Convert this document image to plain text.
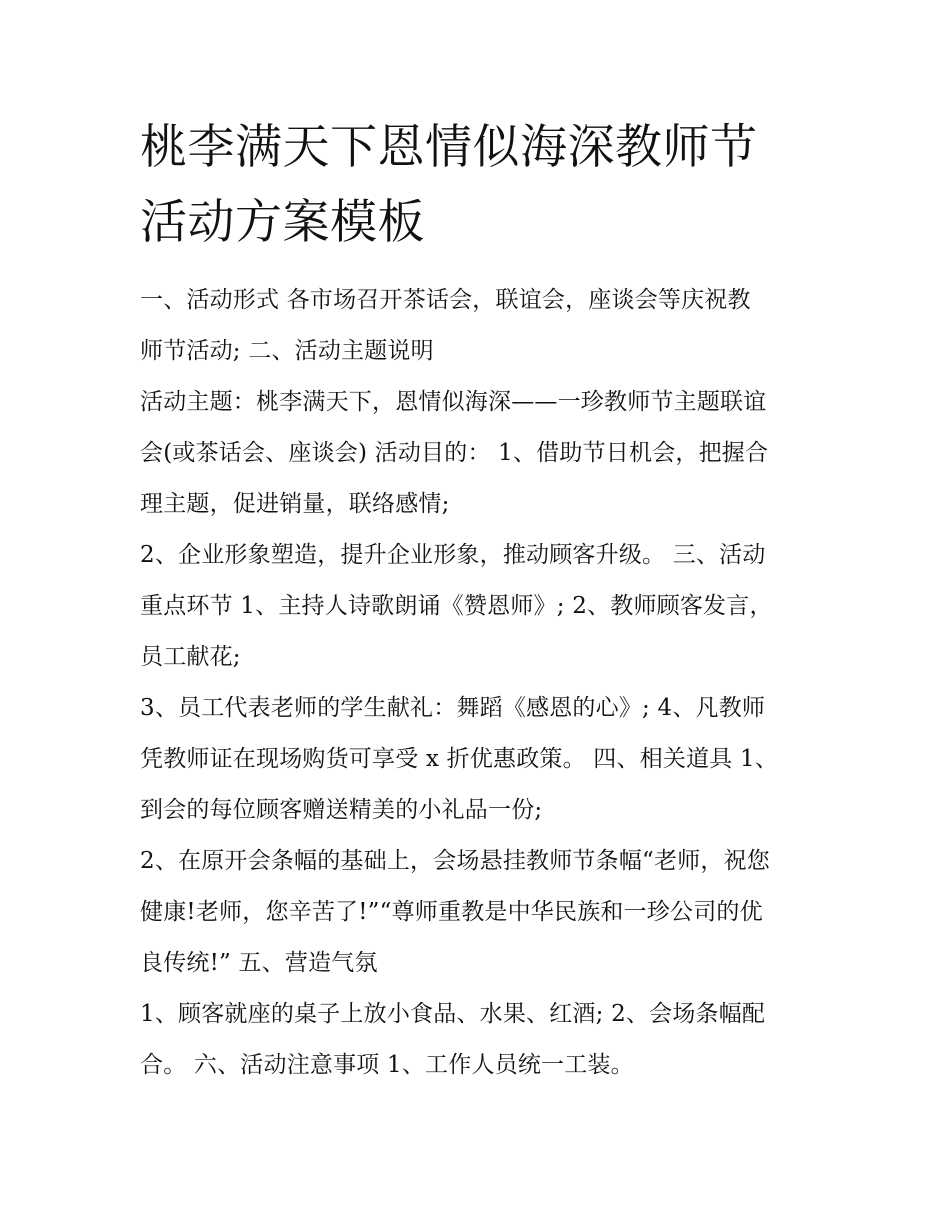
桃李满天下恩情似海深教师节
活动方案模板
一、活动形式 各市场召开茶话会，联谊会，座谈会等庆祝教
师节活动; 二、活动主题说明
活动主题：桃李满天下，恩情似海深——一珍教师节主题联谊
会(或茶话会、座谈会) 活动目的： 1、借助节日机会，把握合
理主题，促进销量，联络感情;
2、企业形象塑造，提升企业形象，推动顾客升级。 三、活动
重点环节 1、主持人诗歌朗诵《赞恩师》; 2、教师顾客发言，
员工献花;
3、员工代表老师的学生献礼：舞蹈《感恩的心》; 4、凡教师
凭教师证在现场购货可享受 x 折优惠政策。 四、相关道具 1、
到会的每位顾客赠送精美的小礼品一份;
2、在原开会条幅的基础上，会场悬挂教师节条幅“老师，祝您
健康!老师，您辛苦了!”“尊师重教是中华民族和一珍公司的优
良传统!” 五、营造气氛
1、顾客就座的桌子上放小食品、水果、红酒; 2、会场条幅配
合。 六、活动注意事项 1、工作人员统一工装。
